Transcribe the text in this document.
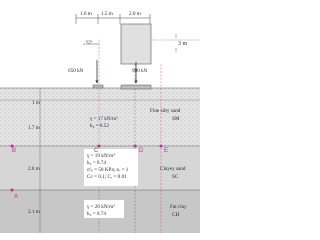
1.0 m 1.5 m	2.0 m
3 m
650 kN	900 kN
1 m
1.7 m
2.8 m
2.1 m
γ = 17 kN/m³
k₀ = 0.52
Fine silty sand
SM
γ = 19 kN/m³
k₀ = 0.74
σ'ₚ = 50 KPa; eₒ = 1
Cc = 0.1; Cᵣ = 0.01
Clayey sand
SC
γ = 20 kN/m³
k₀ = 0.74
Fat clay
CH
B	C	D	E
A
